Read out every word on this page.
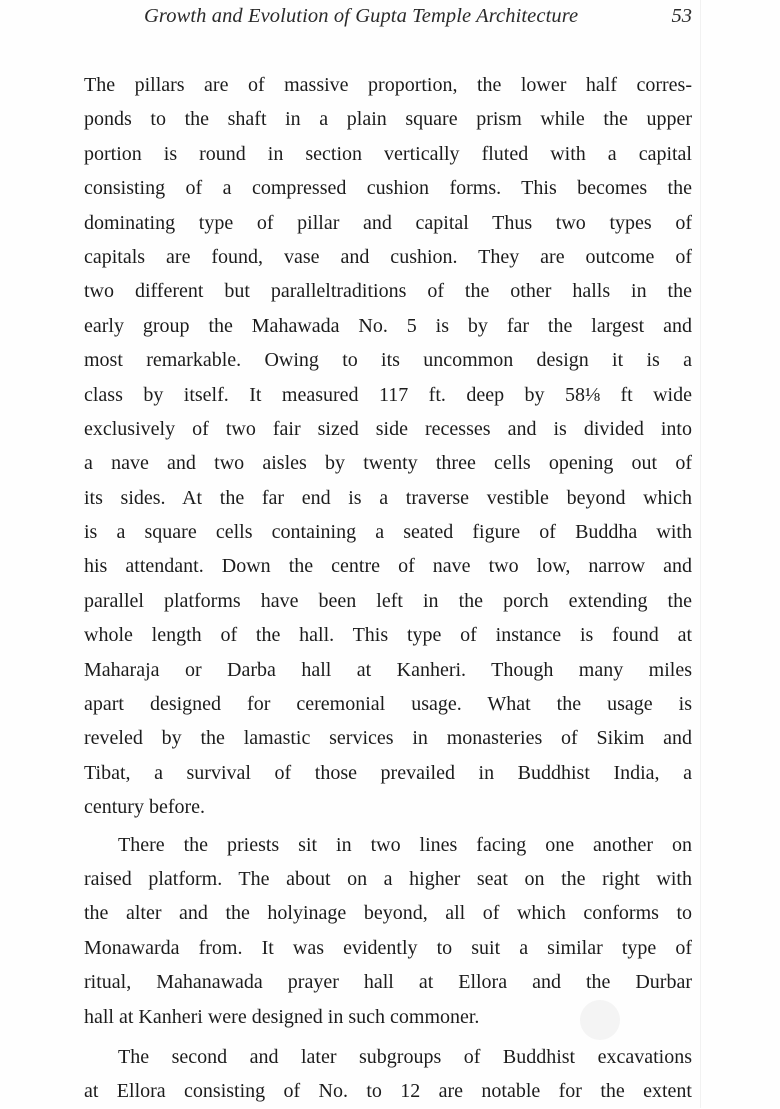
Growth and Evolution of Gupta Temple Architecture	53
The pillars are of massive proportion, the lower half corres-
ponds to the shaft in a plain square prism while the upper
portion is round in section vertically fluted with a capital
consisting of a compressed cushion forms. This becomes the
dominating type of pillar and capital Thus two types of
capitals are found, vase and cushion. They are outcome of
two different but paralleltraditions of the other halls in the
early group the Mahawada No. 5 is by far the largest and
most remarkable. Owing to its uncommon design it is a
class by itself. It measured 117 ft. deep by 58⅛ ft wide
exclusively of two fair sized side recesses and is divided into
a nave and two aisles by twenty three cells opening out of
its sides. At the far end is a traverse vestible beyond which
is a square cells containing a seated figure of Buddha with
his attendant. Down the centre of nave two low, narrow and
parallel platforms have been left in the porch extending the
whole length of the hall. This type of instance is found at
Maharaja or Darba hall at Kanheri. Though many miles
apart designed for ceremonial usage. What the usage is
reveled by the lamastic services in monasteries of Sikim and
Tibat, a survival of those prevailed in Buddhist India, a
century before.
There the priests sit in two lines facing one another on
raised platform. The about on a higher seat on the right with
the alter and the holyinage beyond, all of which conforms to
Monawarda from. It was evidently to suit a similar type of
ritual, Mahanawada prayer hall at Ellora and the Durbar
hall at Kanheri were designed in such commoner.
The second and later subgroups of Buddhist excavations
at Ellora consisting of No. to 12 are notable for the extent
